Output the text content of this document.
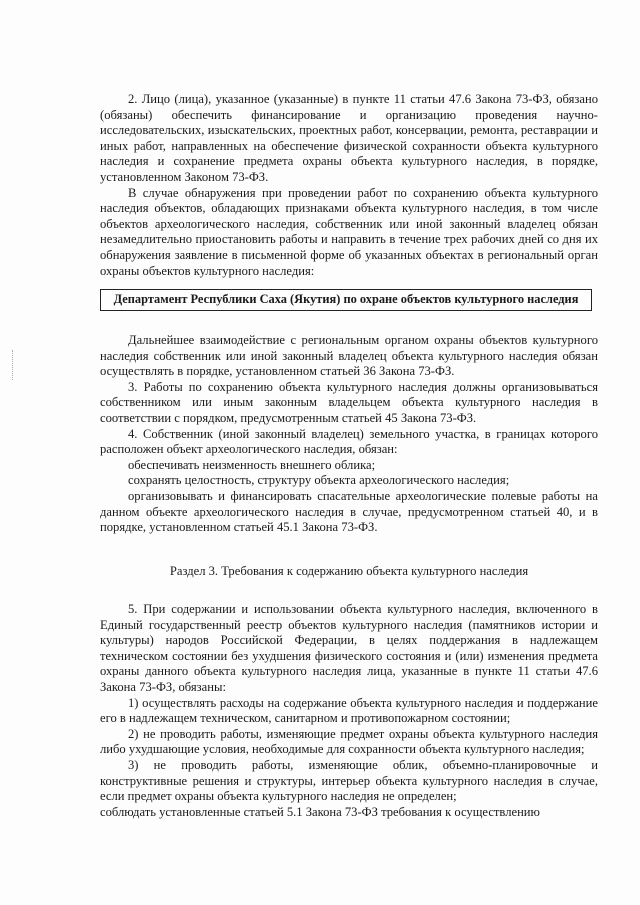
2. Лицо (лица), указанное (указанные) в пункте 11 статьи 47.6 Закона 73-ФЗ, обязано (обязаны) обеспечить финансирование и организацию проведения научно-исследовательских, изыскательских, проектных работ, консервации, ремонта, реставрации и иных работ, направленных на обеспечение физической сохранности объекта культурного наследия и сохранение предмета охраны объекта культурного наследия, в порядке, установленном Законом 73-ФЗ.

В случае обнаружения при проведении работ по сохранению объекта культурного наследия объектов, обладающих признаками объекта культурного наследия, в том числе объектов археологического наследия, собственник или иной законный владелец обязан незамедлительно приостановить работы и направить в течение трех рабочих дней со дня их обнаружения заявление в письменной форме об указанных объектах в региональный орган охраны объектов культурного наследия:

Департамент Республики Саха (Якутия) по охране объектов культурного наследия

Дальнейшее взаимодействие с региональным органом охраны объектов культурного наследия собственник или иной законный владелец объекта культурного наследия обязан осуществлять в порядке, установленном статьей 36 Закона 73-ФЗ.

3. Работы по сохранению объекта культурного наследия должны организовываться собственником или иным законным владельцем объекта культурного наследия в соответствии с порядком, предусмотренным статьей 45 Закона 73-ФЗ.

4. Собственник (иной законный владелец) земельного участка, в границах которого расположен объект археологического наследия, обязан:

обеспечивать неизменность внешнего облика;

сохранять целостность, структуру объекта археологического наследия;

организовывать и финансировать спасательные археологические полевые работы на данном объекте археологического наследия в случае, предусмотренном статьей 40, и в порядке, установленном статьей 45.1 Закона 73-ФЗ.

Раздел 3. Требования к содержанию объекта культурного наследия

5. При содержании и использовании объекта культурного наследия, включенного в Единый государственный реестр объектов культурного наследия (памятников истории и культуры) народов Российской Федерации, в целях поддержания в надлежащем техническом состоянии без ухудшения физического состояния и (или) изменения предмета охраны данного объекта культурного наследия лица, указанные в пункте 11 статьи 47.6 Закона 73-ФЗ, обязаны:

1) осуществлять расходы на содержание объекта культурного наследия и поддержание его в надлежащем техническом, санитарном и противопожарном состоянии;

2) не проводить работы, изменяющие предмет охраны объекта культурного наследия либо ухудшающие условия, необходимые для сохранности объекта культурного наследия;

3) не проводить работы, изменяющие облик, объемно-планировочные и конструктивные решения и структуры, интерьер объекта культурного наследия в случае, если предмет охраны объекта культурного наследия не определен;

соблюдать установленные статьей 5.1 Закона 73-ФЗ требования к осуществлению
